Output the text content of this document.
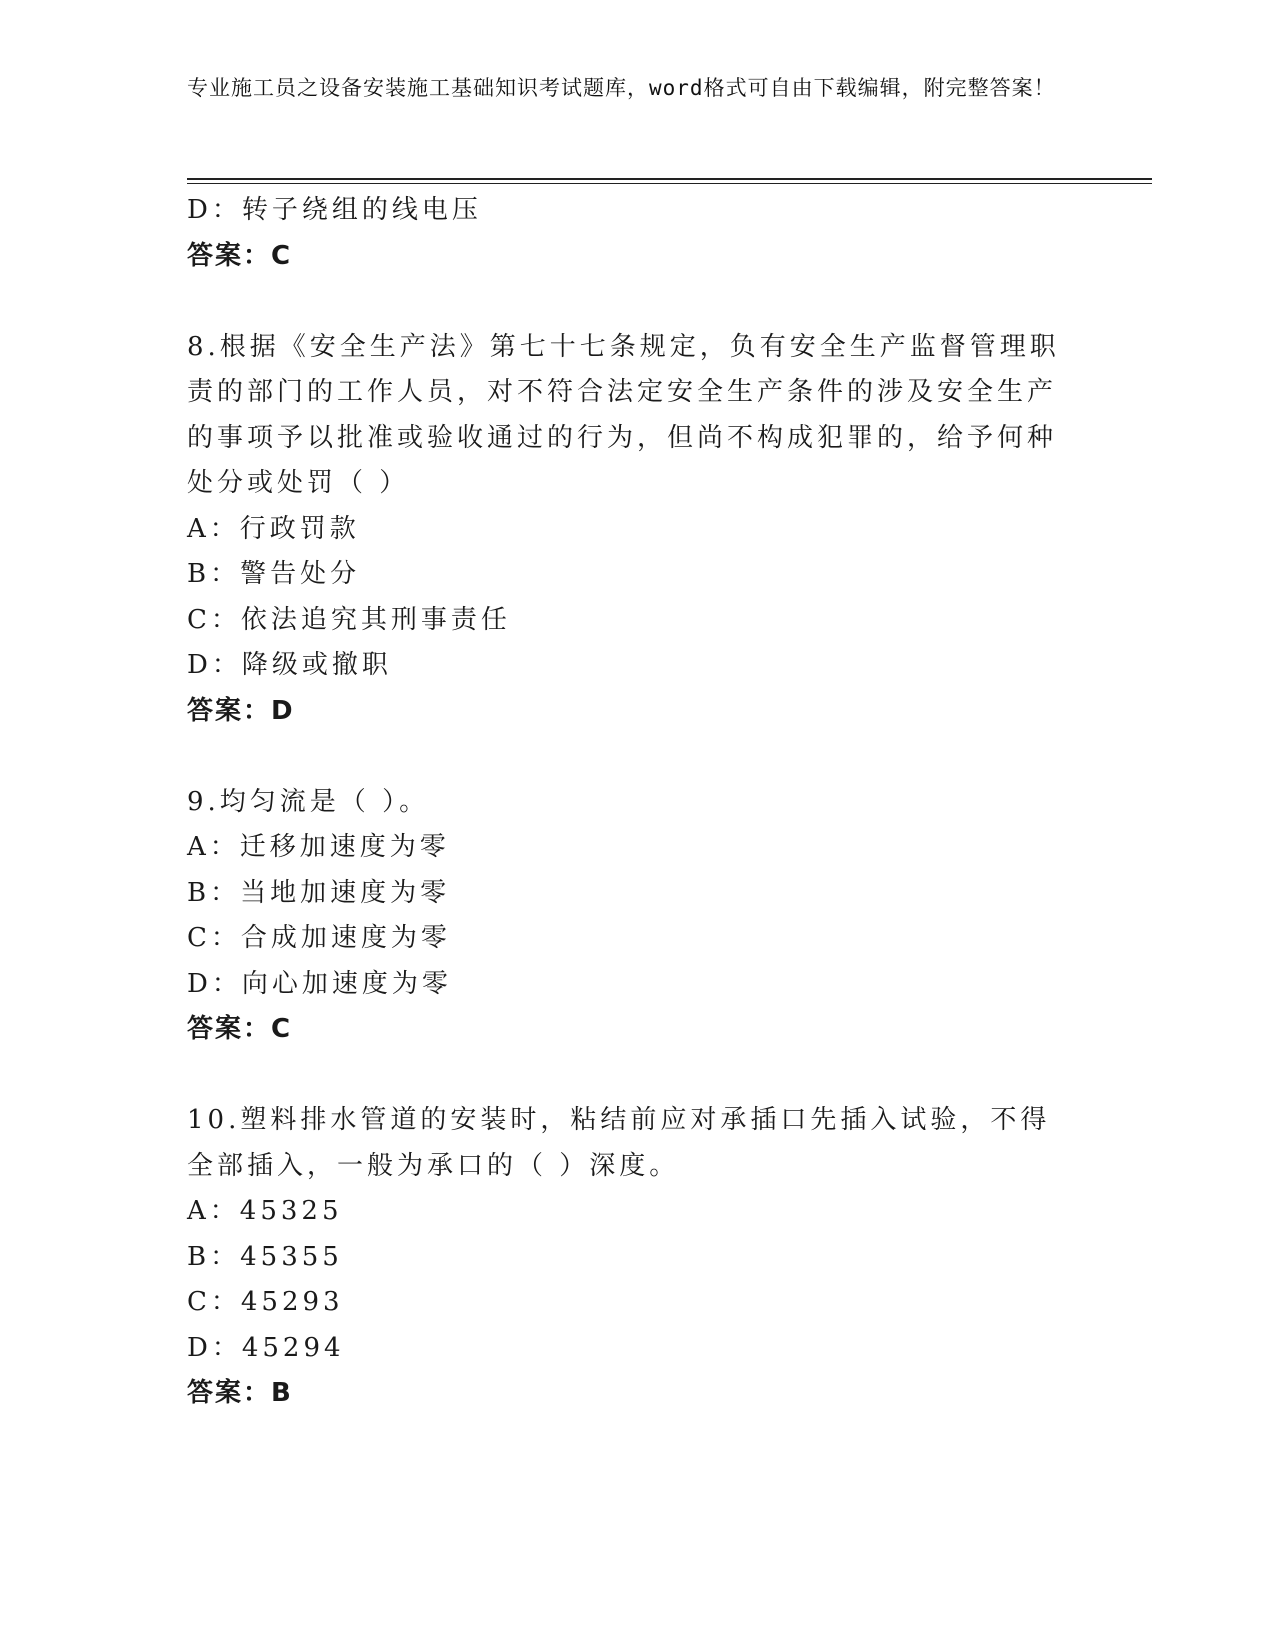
专业施工员之设备安装施工基础知识考试题库，word格式可自由下载编辑，附完整答案！
D：转子绕组的线电压
答案：C
8.根据《安全生产法》第七十七条规定，负有安全生产监督管理职责的部门的工作人员，对不符合法定安全生产条件的涉及安全生产的事项予以批准或验收通过的行为，但尚不构成犯罪的，给予何种处分或处罚（ ）
A：行政罚款
B：警告处分
C：依法追究其刑事责任
D：降级或撤职
答案：D
9.均匀流是（ ）。
A：迁移加速度为零
B：当地加速度为零
C：合成加速度为零
D：向心加速度为零
答案：C
10.塑料排水管道的安装时，粘结前应对承插口先插入试验，不得全部插入，一般为承口的（ ）深度。
A：45325
B：45355
C：45293
D：45294
答案：B
